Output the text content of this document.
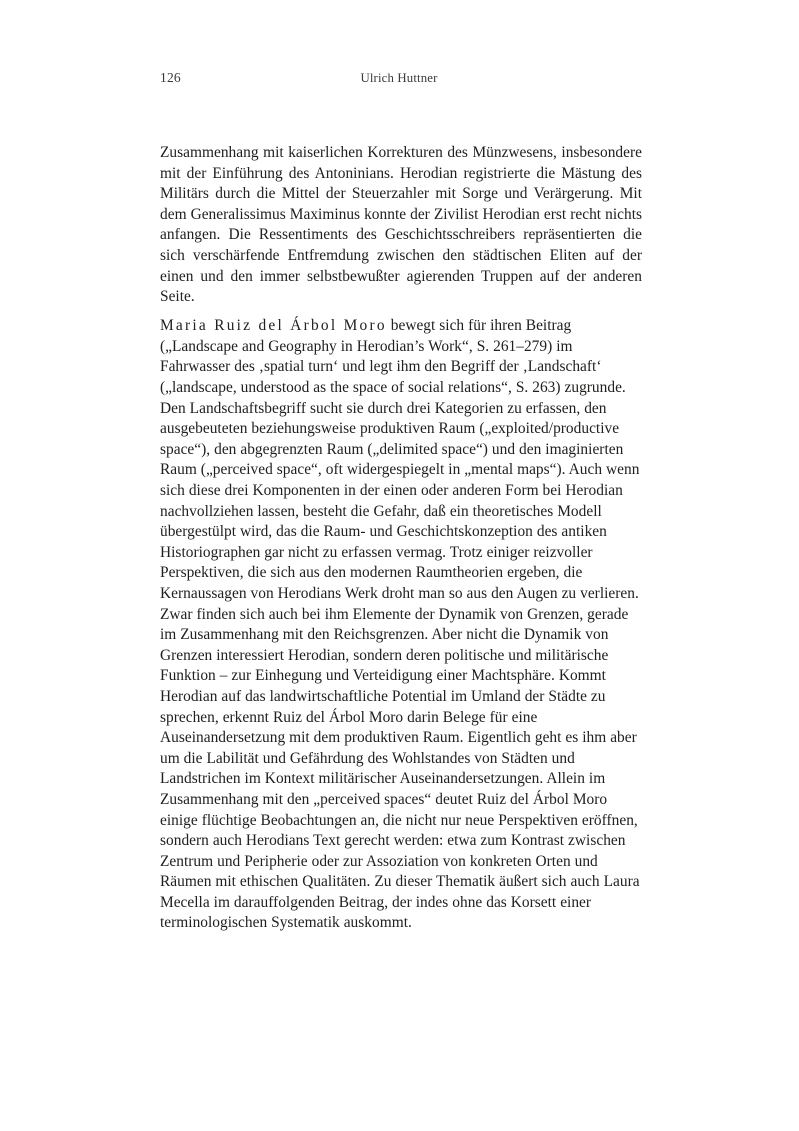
126	Ulrich Huttner

Zusammenhang mit kaiserlichen Korrekturen des Münzwesens, insbesondere mit der Einführung des Antoninians. Herodian registrierte die Mästung des Militärs durch die Mittel der Steuerzahler mit Sorge und Verärgerung. Mit dem Generalissimus Maximinus konnte der Zivilist Herodian erst recht nichts anfangen. Die Ressentiments des Geschichtsschreibers repräsentierten die sich verschärfende Entfremdung zwischen den städtischen Eliten auf der einen und den immer selbstbewußter agierenden Truppen auf der anderen Seite.

Maria Ruiz del Árbol Moro bewegt sich für ihren Beitrag („Landscape and Geography in Herodian’s Work“, S. 261–279) im Fahrwasser des ‚spatial turn‘ und legt ihm den Begriff der ‚Landschaft‘ („landscape, understood as the space of social relations“, S. 263) zugrunde. Den Landschaftsbegriff sucht sie durch drei Kategorien zu erfassen, den ausgebeuteten beziehungsweise produktiven Raum („exploited/productive space“), den abgegrenzten Raum („delimited space“) und den imaginierten Raum („perceived space“, oft widergespiegelt in „mental maps“). Auch wenn sich diese drei Komponenten in der einen oder anderen Form bei Herodian nachvollziehen lassen, besteht die Gefahr, daß ein theoretisches Modell übergestülpt wird, das die Raum- und Geschichtskonzeption des antiken Historiographen gar nicht zu erfassen vermag. Trotz einiger reizvoller Perspektiven, die sich aus den modernen Raumtheorien ergeben, die Kernaussagen von Herodians Werk droht man so aus den Augen zu verlieren. Zwar finden sich auch bei ihm Elemente der Dynamik von Grenzen, gerade im Zusammenhang mit den Reichsgrenzen. Aber nicht die Dynamik von Grenzen interessiert Herodian, sondern deren politische und militärische Funktion – zur Einhegung und Verteidigung einer Machtsphäre. Kommt Herodian auf das landwirtschaftliche Potential im Umland der Städte zu sprechen, erkennt Ruiz del Árbol Moro darin Belege für eine Auseinandersetzung mit dem produktiven Raum. Eigentlich geht es ihm aber um die Labilität und Gefährdung des Wohlstandes von Städten und Landstrichen im Kontext militärischer Auseinandersetzungen. Allein im Zusammenhang mit den „perceived spaces“ deutet Ruiz del Árbol Moro einige flüchtige Beobachtungen an, die nicht nur neue Perspektiven eröffnen, sondern auch Herodians Text gerecht werden: etwa zum Kontrast zwischen Zentrum und Peripherie oder zur Assoziation von konkreten Orten und Räumen mit ethischen Qualitäten. Zu dieser Thematik äußert sich auch Laura Mecella im darauffolgenden Beitrag, der indes ohne das Korsett einer terminologischen Systematik auskommt.
